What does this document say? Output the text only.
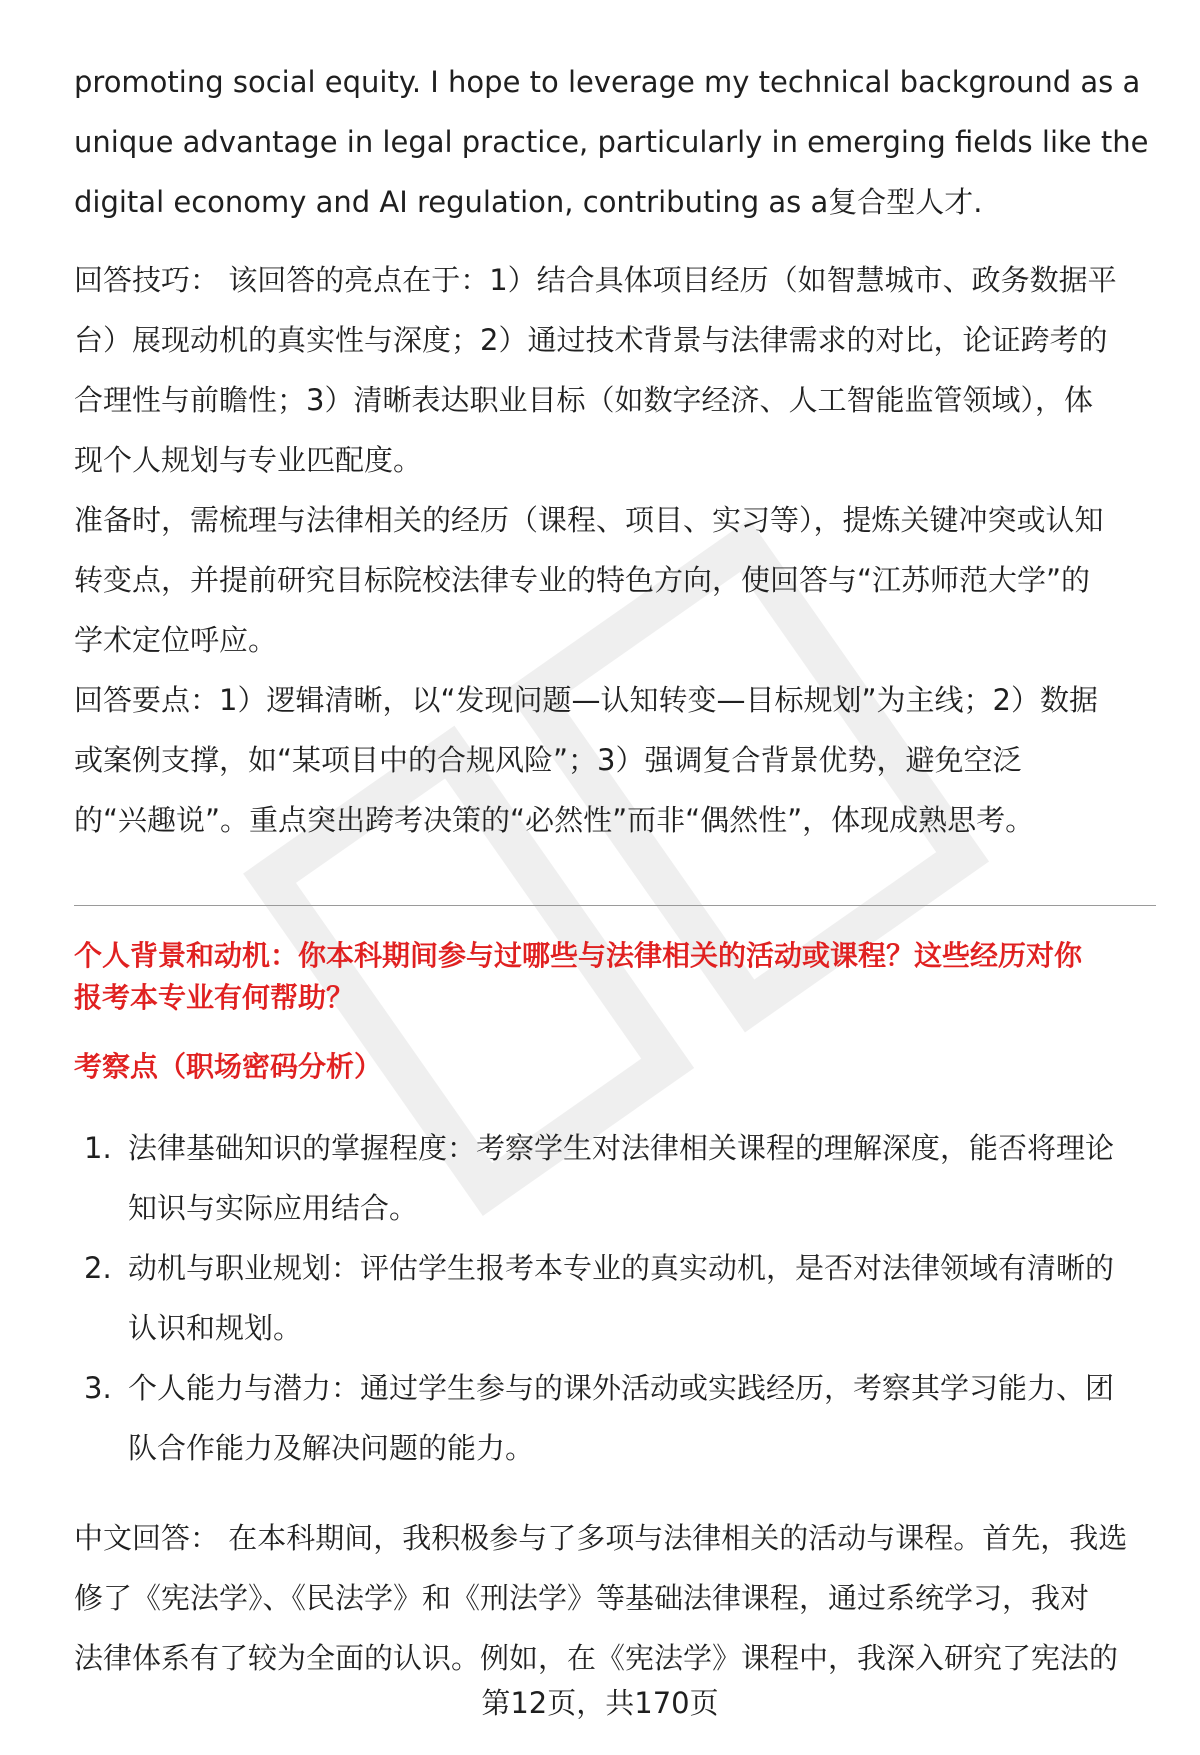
promoting social equity. I hope to leverage my technical background as a

unique advantage in legal practice, particularly in emerging fields like the

digital economy and AI regulation, contributing as a复合型人才.

回答技巧： 该回答的亮点在于：1）结合具体项目经历（如智慧城市、政务数据平

台）展现动机的真实性与深度；2）通过技术背景与法律需求的对比，论证跨考的

合理性与前瞻性；3）清晰表达职业目标（如数字经济、人工智能监管领域），体

现个人规划与专业匹配度。

准备时，需梳理与法律相关的经历（课程、项目、实习等），提炼关键冲突或认知

转变点，并提前研究目标院校法律专业的特色方向，使回答与“江苏师范大学”的

学术定位呼应。

回答要点：1）逻辑清晰，以“发现问题—认知转变—目标规划”为主线；2）数据

或案例支撑，如“某项目中的合规风险”；3）强调复合背景优势，避免空泛

的“兴趣说”。重点突出跨考决策的“必然性”而非“偶然性”，体现成熟思考。

个人背景和动机：你本科期间参与过哪些与法律相关的活动或课程？这些经历对你

报考本专业有何帮助？

考察点（职场密码分析）

1. 法律基础知识的掌握程度：考察学生对法律相关课程的理解深度，能否将理论
知识与实际应用结合。
2. 动机与职业规划：评估学生报考本专业的真实动机，是否对法律领域有清晰的
认识和规划。
3. 个人能力与潜力：通过学生参与的课外活动或实践经历，考察其学习能力、团
队合作能力及解决问题的能力。
中文回答： 在本科期间，我积极参与了多项与法律相关的活动与课程。首先，我选
修了《宪法学》、《民法学》和《刑法学》等基础法律课程，通过系统学习，我对
法律体系有了较为全面的认识。例如，在《宪法学》课程中，我深入研究了宪法的
第12页，共170页
